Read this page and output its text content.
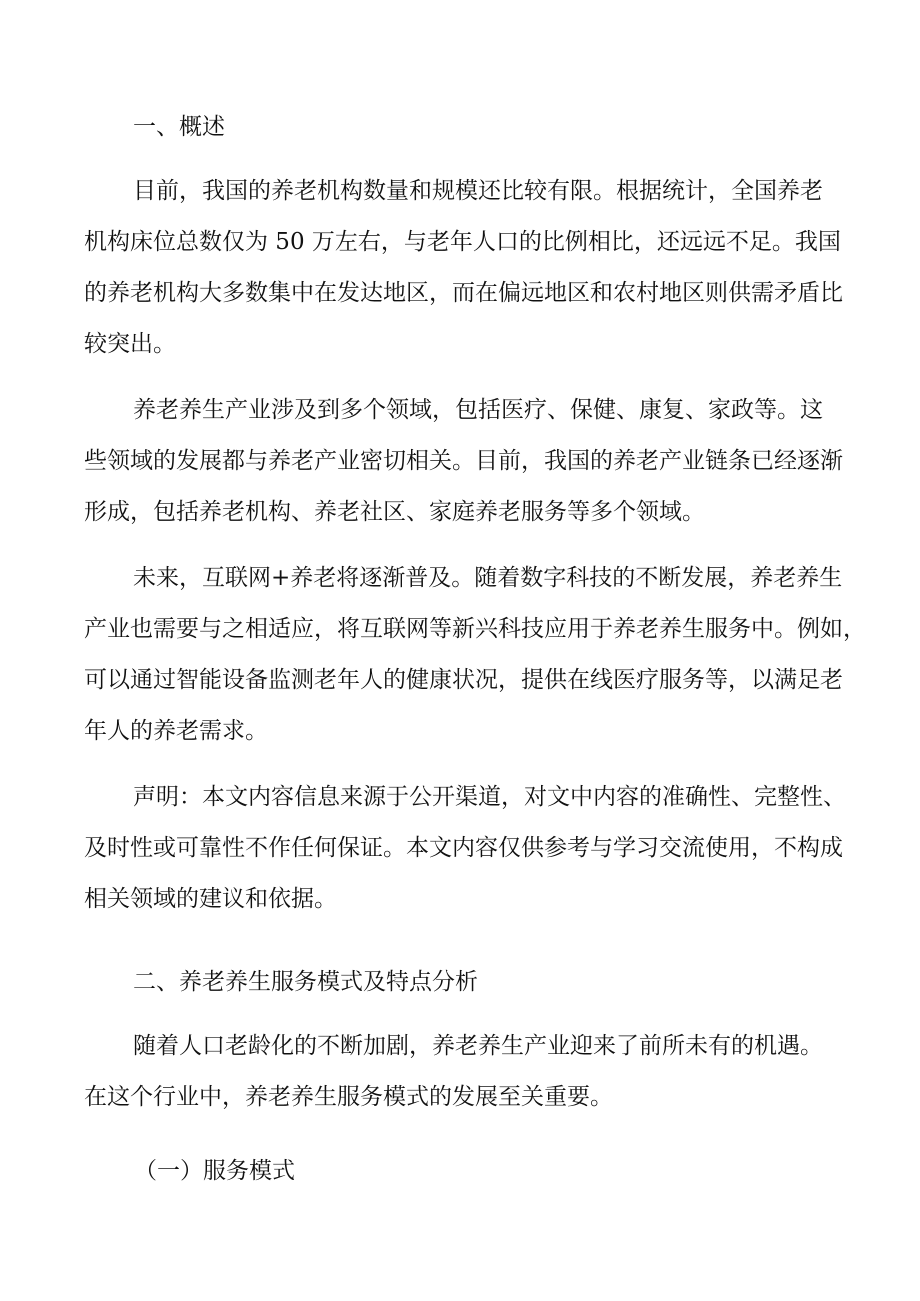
一、概述

目前，我国的养老机构数量和规模还比较有限。根据统计，全国养老

机构床位总数仅为 50 万左右，与老年人口的比例相比，还远远不足。我国

的养老机构大多数集中在发达地区，而在偏远地区和农村地区则供需矛盾比

较突出。

养老养生产业涉及到多个领域，包括医疗、保健、康复、家政等。这

些领域的发展都与养老产业密切相关。目前，我国的养老产业链条已经逐渐

形成，包括养老机构、养老社区、家庭养老服务等多个领域。

未来，互联网+养老将逐渐普及。随着数字科技的不断发展，养老养生

产业也需要与之相适应，将互联网等新兴科技应用于养老养生服务中。例如，

可以通过智能设备监测老年人的健康状况，提供在线医疗服务等，以满足老

年人的养老需求。

声明：本文内容信息来源于公开渠道，对文中内容的准确性、完整性、

及时性或可靠性不作任何保证。本文内容仅供参考与学习交流使用，不构成

相关领域的建议和依据。

二、养老养生服务模式及特点分析

随着人口老龄化的不断加剧，养老养生产业迎来了前所未有的机遇。

在这个行业中，养老养生服务模式的发展至关重要。

（一）服务模式
